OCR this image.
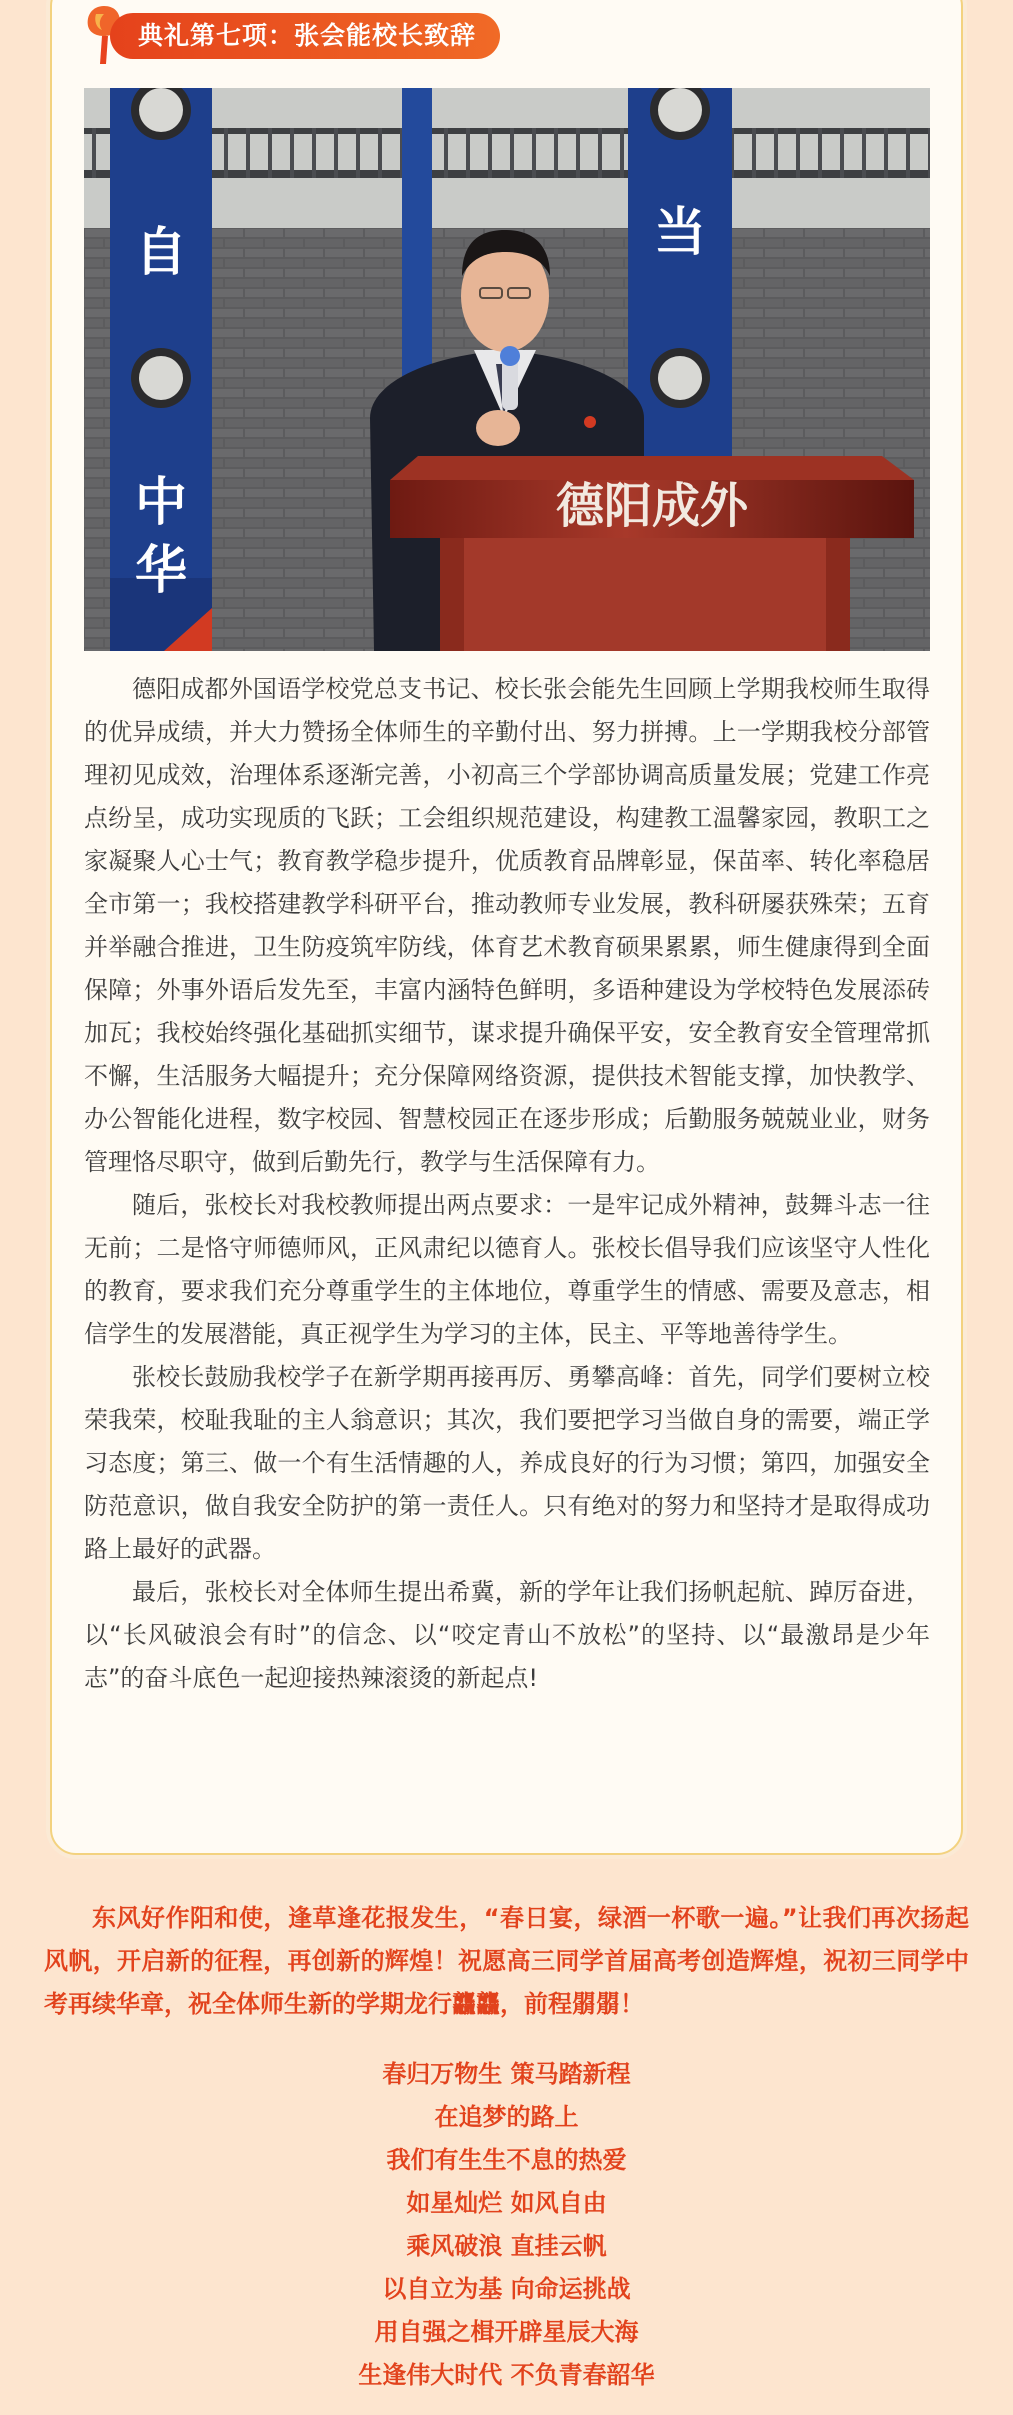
典礼第七项：张会能校长致辞
自
中
华
当
德阳成外

德阳成都外国语学校党总支书记、校长张会能先生回顾上学期我校师生取得的优异成绩，并大力赞扬全体师生的辛勤付出、努力拼搏。上一学期我校分部管理初见成效，治理体系逐渐完善，小初高三个学部协调高质量发展；党建工作亮点纷呈，成功实现质的飞跃；工会组织规范建设，构建教工温馨家园，教职工之家凝聚人心士气；教育教学稳步提升，优质教育品牌彰显，保苗率、转化率稳居全市第一；我校搭建教学科研平台，推动教师专业发展，教科研屡获殊荣；五育并举融合推进，卫生防疫筑牢防线，体育艺术教育硕果累累，师生健康得到全面保障；外事外语后发先至，丰富内涵特色鲜明，多语种建设为学校特色发展添砖加瓦；我校始终强化基础抓实细节，谋求提升确保平安，安全教育安全管理常抓不懈，生活服务大幅提升；充分保障网络资源，提供技术智能支撑，加快教学、办公智能化进程，数字校园、智慧校园正在逐步形成；后勤服务兢兢业业，财务管理恪尽职守，做到后勤先行，教学与生活保障有力。

随后，张校长对我校教师提出两点要求：一是牢记成外精神，鼓舞斗志一往无前；二是恪守师德师风，正风肃纪以德育人。张校长倡导我们应该坚守人性化的教育，要求我们充分尊重学生的主体地位，尊重学生的情感、需要及意志，相信学生的发展潜能，真正视学生为学习的主体，民主、平等地善待学生。

张校长鼓励我校学子在新学期再接再厉、勇攀高峰：首先，同学们要树立校荣我荣，校耻我耻的主人翁意识；其次，我们要把学习当做自身的需要，端正学习态度；第三、做一个有生活情趣的人，养成良好的行为习惯；第四，加强安全防范意识，做自我安全防护的第一责任人。只有绝对的努力和坚持才是取得成功路上最好的武器。

最后，张校长对全体师生提出希冀，新的学年让我们扬帆起航、踔厉奋进，以“长风破浪会有时”的信念、以“咬定青山不放松”的坚持、以“最激昂是少年志”的奋斗底色一起迎接热辣滚烫的新起点!

东风好作阳和使，逢草逢花报发生，“春日宴，绿酒一杯歌一遍。”让我们再次扬起风帆，开启新的征程，再创新的辉煌！祝愿高三同学首届高考创造辉煌，祝初三同学中考再续华章，祝全体师生新的学期龙行龘龘，前程朤朤！

春归万物生 策马踏新程
在追梦的路上
我们有生生不息的热爱
如星灿烂 如风自由
乘风破浪 直挂云帆
以自立为基 向命运挑战
用自强之楫开辟星辰大海
生逢伟大时代 不负青春韶华
